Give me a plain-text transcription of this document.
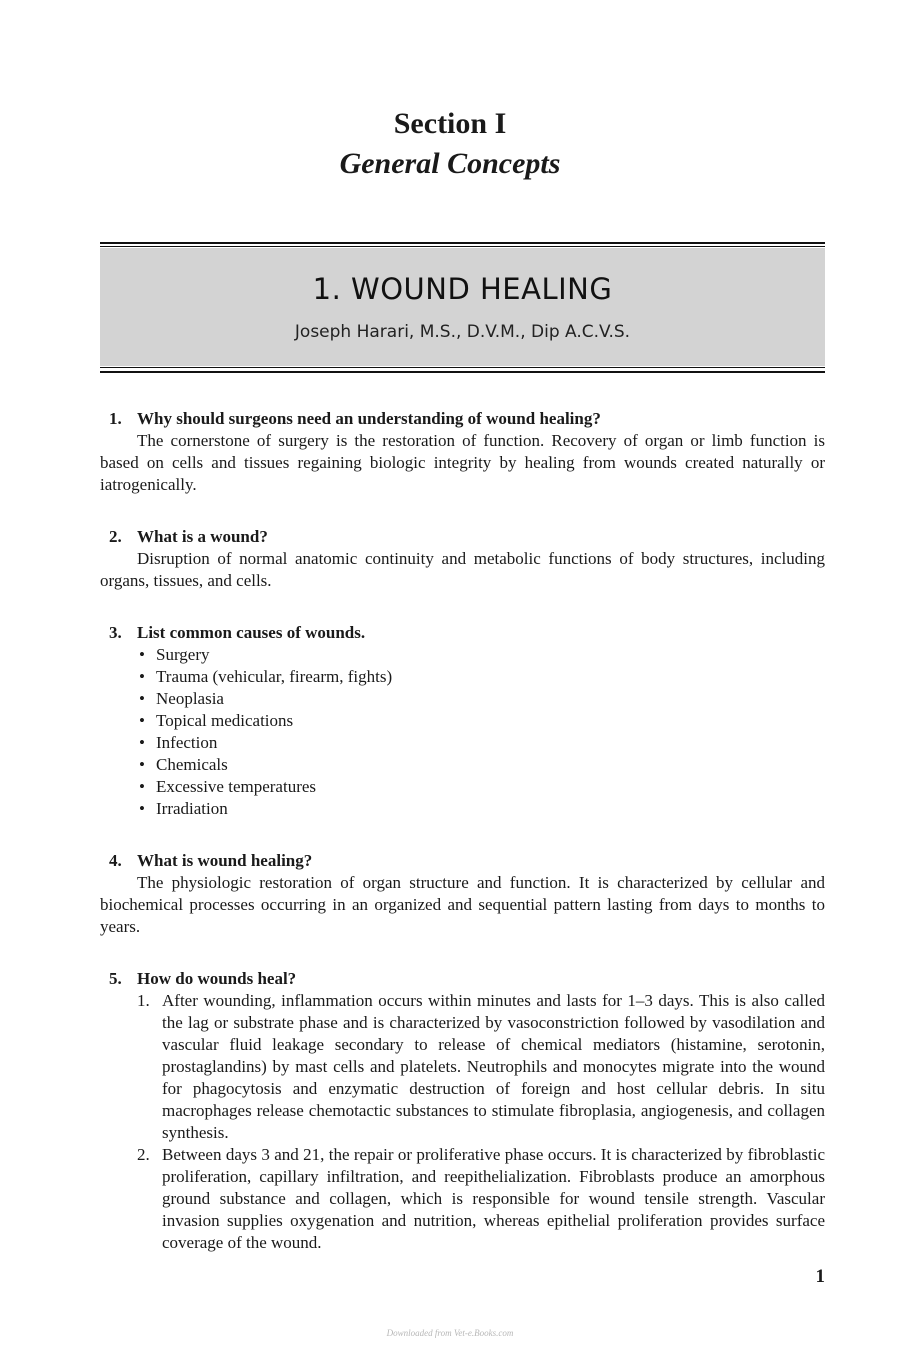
Section I

General Concepts

1. WOUND HEALING
Joseph Harari, M.S., D.V.M., Dip A.C.V.S.

1. Why should surgeons need an understanding of wound healing?

The cornerstone of surgery is the restoration of function. Recovery of organ or limb function is based on cells and tissues regaining biologic integrity by healing from wounds created naturally or iatrogenically.

2. What is a wound?

Disruption of normal anatomic continuity and metabolic functions of body structures, including organs, tissues, and cells.

3. List common causes of wounds.

• Surgery
• Trauma (vehicular, firearm, fights)
• Neoplasia
• Topical medications
• Infection
• Chemicals
• Excessive temperatures
• Irradiation

4. What is wound healing?

The physiologic restoration of organ structure and function. It is characterized by cellular and biochemical processes occurring in an organized and sequential pattern lasting from days to months to years.

5. How do wounds heal?

1. After wounding, inflammation occurs within minutes and lasts for 1–3 days. This is also called the lag or substrate phase and is characterized by vasoconstriction followed by vasodilation and vascular fluid leakage secondary to release of chemical mediators (histamine, serotonin, prostaglandins) by mast cells and platelets. Neutrophils and monocytes migrate into the wound for phagocytosis and enzymatic destruction of foreign and host cellular debris. In situ macrophages release chemotactic substances to stimulate fibroplasia, angiogenesis, and collagen synthesis.
2. Between days 3 and 21, the repair or proliferative phase occurs. It is characterized by fibroblastic proliferation, capillary infiltration, and reepithelialization. Fibroblasts produce an amorphous ground substance and collagen, which is responsible for wound tensile strength. Vascular invasion supplies oxygenation and nutrition, whereas epithelial proliferation provides surface coverage of the wound.
1
Downloaded from Vet-e.Books.com
